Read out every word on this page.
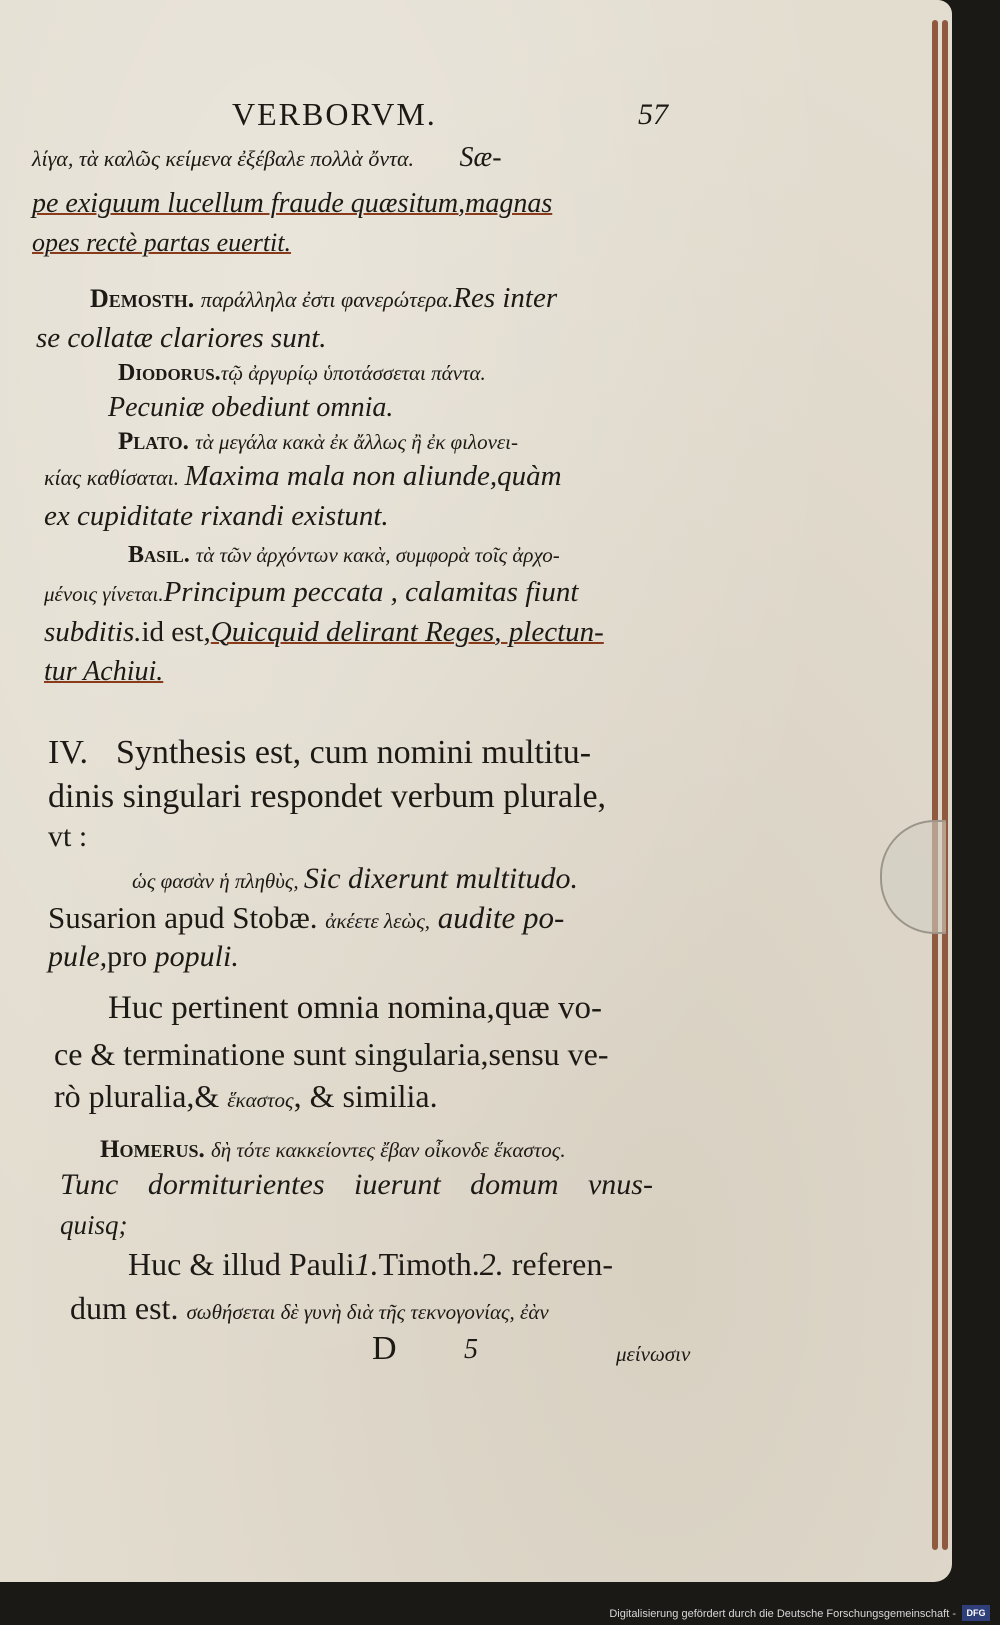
VERBORVM.	57
λίγα, τὰ καλῶς κείμενα ἐξέβαλε πολλὰ ὄντα. Sæ-
pe exiguum lucellum fraude quæsitum,magnas
opes rectè partas euertit.
Demosth. παράλληλα ἐστι φανερώτερα.Res inter
se collatæ clariores sunt.
Diodorus.τῷ ἀργυρίῳ ὑποτάσσεται πάντα.
Pecuniæ obediunt omnia.
Plato. τὰ μεγάλα κακὰ ἐκ ἄλλως ἢ ἐκ φιλονει-
κίας καθίσαται. Maxima mala non aliunde,quàm
ex cupiditate rixandi existunt.
Basil. τὰ τῶν ἀρχόντων κακὰ, συμφορὰ τοῖς ἀρχο-
μένοις γίνεται.Principum peccata , calamitas fiunt
subditis.id est,Quicquid delirant Reges, plectun-
tur Achiui.
IV. Synthesis est, cum nomini multitu-
dinis singulari respondet verbum plurale,
vt :
ὡς φασὰν ἡ πληθὺς, Sic dixerunt multitudo.
Susarion apud Stobæ. ἀκέετε λεὼς, audite po-
pule,pro populi.
Huc pertinent omnia nomina,quæ vo-
ce & terminatione sunt singularia,sensu ve-
rò pluralia,& ἕκαστος, & similia.
Homerus. δὴ τότε κακκείοντες ἔβαν οἶκονδε ἕκαστος.
Tunc dormiturientes iuerunt domum vnus-
quisq;
Huc & illud Pauli1.Timoth.2. referen-
dum est. σωθήσεται δὲ γυνὴ διὰ τῆς τεκνογονίας, ἐὰν
D 5	μείνωσιν
Digitalisierung gefördert durch die Deutsche Forschungsgemeinschaft -	DFG
